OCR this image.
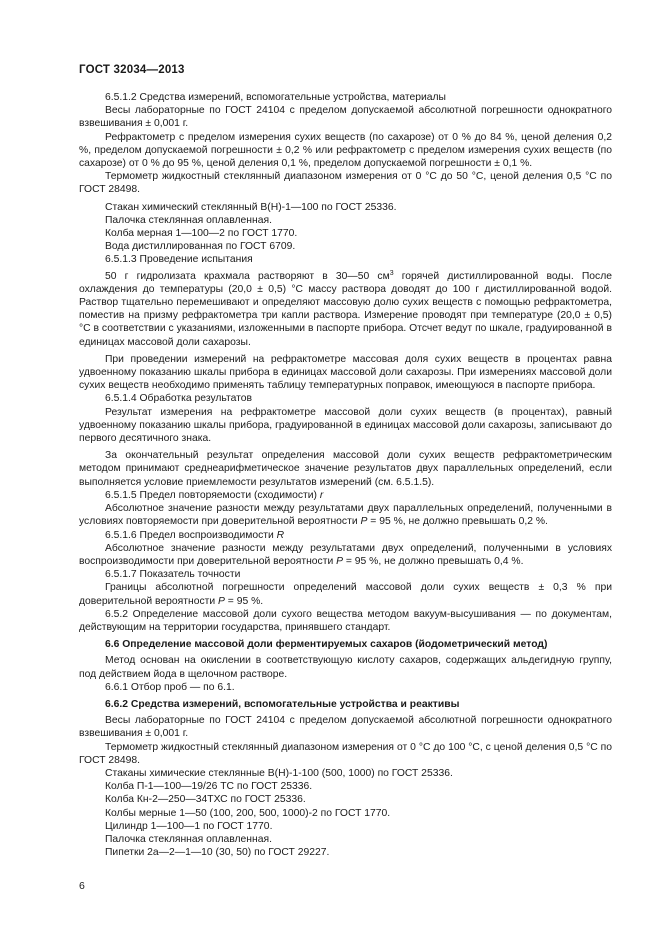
ГОСТ 32034—2013

6.5.1.2 Средства измерений, вспомогательные устройства, материалы

Весы лабораторные по ГОСТ 24104 с пределом допускаемой абсолютной погрешности однократного взвешивания ± 0,001 г.

Рефрактометр с пределом измерения сухих веществ (по сахарозе) от 0 % до 84 %, ценой деления 0,2 %, пределом допускаемой погрешности ± 0,2 % или рефрактометр с пределом измерения сухих веществ (по сахарозе) от 0 % до 95 %, ценой деления 0,1 %, пределом допускаемой погрешности ± 0,1 %.

Термометр жидкостный стеклянный диапазоном измерения от 0 °С до 50 °С, ценой деления 0,5 °С по ГОСТ 28498.

Стакан химический стеклянный В(Н)-1—100 по ГОСТ 25336.

Палочка стеклянная оплавленная.

Колба мерная 1—100—2 по ГОСТ 1770.

Вода дистиллированная по ГОСТ 6709.

6.5.1.3 Проведение испытания

50 г гидролизата крахмала растворяют в 30—50 $см^3$ горячей дистиллированной воды. После охлаждения до температуры (20,0 ± 0,5) °С массу раствора доводят до 100 г дистиллированной водой. Раствор тщательно перемешивают и определяют массовую долю сухих веществ с помощью рефрактометра, поместив на призму рефрактометра три капли раствора. Измерение проводят при температуре (20,0 ± 0,5) °С в соответствии с указаниями, изложенными в паспорте прибора. Отсчет ведут по шкале, градуированной в единицах массовой доли сахарозы.

При проведении измерений на рефрактометре массовая доля сухих веществ в процентах равна удвоенному показанию шкалы прибора в единицах массовой доли сахарозы. При измерениях массовой доли сухих веществ необходимо применять таблицу температурных поправок, имеющуюся в паспорте прибора.

6.5.1.4 Обработка результатов

Результат измерения на рефрактометре массовой доли сухих веществ (в процентах), равный удвоенному показанию шкалы прибора, градуированной в единицах массовой доли сахарозы, записывают до первого десятичного знака.

За окончательный результат определения массовой доли сухих веществ рефрактометрическим методом принимают среднеарифметическое значение результатов двух параллельных определений, если выполняется условие приемлемости результатов измерений (см. 6.5.1.5).

6.5.1.5 Предел повторяемости (сходимости) r

Абсолютное значение разности между результатами двух параллельных определений, полученными в условиях повторяемости при доверительной вероятности P = 95 %, не должно превышать 0,2 %.

6.5.1.6 Предел воспроизводимости R

Абсолютное значение разности между результатами двух определений, полученными в условиях воспроизводимости при доверительной вероятности P = 95 %, не должно превышать 0,4 %.

6.5.1.7 Показатель точности

Границы абсолютной погрешности определений массовой доли сухих веществ ± 0,3 % при доверительной вероятности P = 95 %.

6.5.2 Определение массовой доли сухого вещества методом вакуум-высушивания — по документам, действующим на территории государства, принявшего стандарт.

6.6 Определение массовой доли ферментируемых сахаров (йодометрический метод)

Метод основан на окислении в соответствующую кислоту сахаров, содержащих альдегидную группу, под действием йода в щелочном растворе.

6.6.1 Отбор проб — по 6.1.

6.6.2 Средства измерений, вспомогательные устройства и реактивы

Весы лабораторные по ГОСТ 24104 с пределом допускаемой абсолютной погрешности однократного взвешивания ± 0,001 г.

Термометр жидкостный стеклянный диапазоном измерения от 0 °С до 100 °С, с ценой деления 0,5 °С по ГОСТ 28498.

Стаканы химические стеклянные В(Н)-1-100 (500, 1000) по ГОСТ 25336.

Колба П-1—100—19/26 ТС по ГОСТ 25336.

Колба Кн-2—250—34ТХС по ГОСТ 25336.

Колбы мерные 1—50 (100, 200, 500, 1000)-2 по ГОСТ 1770.

Цилиндр 1—100—1 по ГОСТ 1770.

Палочка стеклянная оплавленная.

Пипетки 2а—2—1—10 (30, 50) по ГОСТ 29227.

6
